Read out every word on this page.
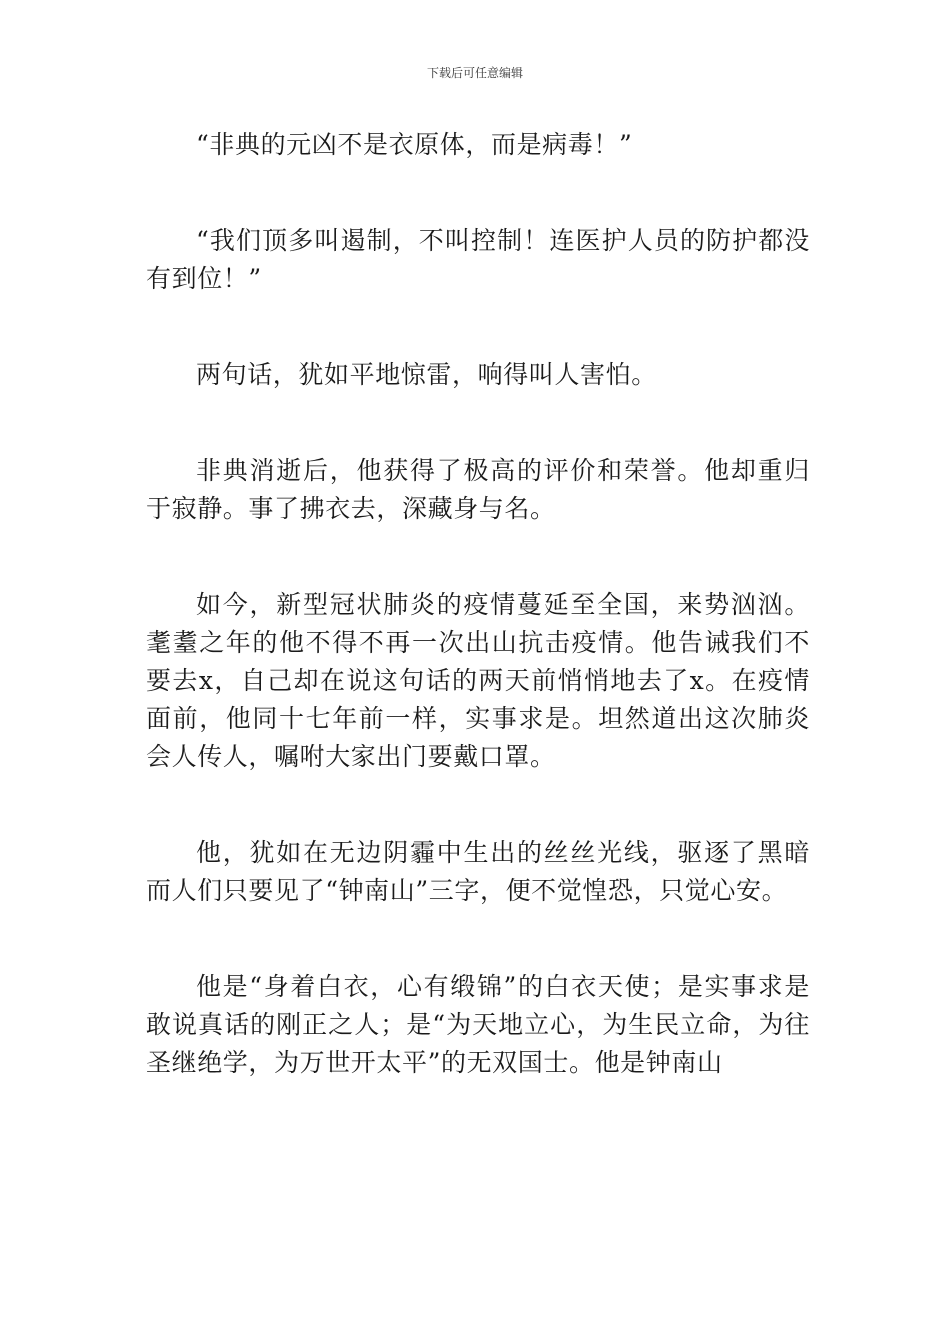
下载后可任意编辑

“非典的元凶不是衣原体，而是病毒！”

“我们顶多叫遏制，不叫控制！连医护人员的防护都没有到位！”

两句话，犹如平地惊雷，响得叫人害怕。

非典消逝后，他获得了极高的评价和荣誉。他却重归于寂静。事了拂衣去，深藏身与名。

如今，新型冠状肺炎的疫情蔓延至全国，来势汹汹。耄耋之年的他不得不再一次出山抗击疫情。他告诫我们不要去x，自己却在说这句话的两天前悄悄地去了x。在疫情面前，他同十七年前一样，实事求是。坦然道出这次肺炎会人传人，嘱咐大家出门要戴口罩。

他，犹如在无边阴霾中生出的丝丝光线，驱逐了黑暗而人们只要见了“钟南山”三字，便不觉惶恐，只觉心安。

他是“身着白衣，心有缎锦”的白衣天使；是实事求是敢说真话的刚正之人；是“为天地立心，为生民立命，为往圣继绝学，为万世开太平”的无双国士。他是钟南山
